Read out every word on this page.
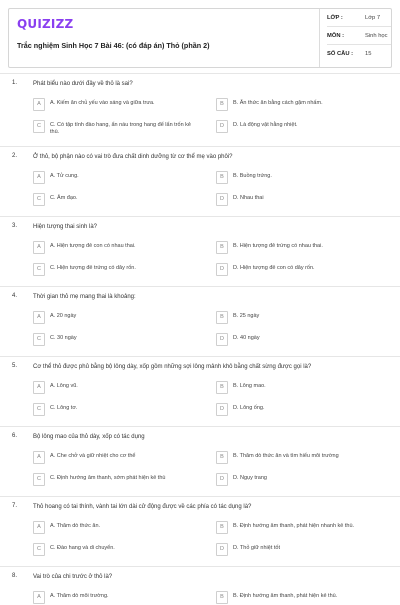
QUIZIZZ
Trắc nghiệm Sinh Học 7 Bài 46: (có đáp án) Thỏ (phần 2)
LỚP :	Lớp 7
MÔN :	Sinh học
SỐ CÂU : 15
1.	Phát biểu nào dưới đây về thỏ là sai?
A	A. Kiếm ăn chủ yếu vào sáng và giữa trưa.	B	B. Ăn thức ăn bằng cách gặm nhấm.
C	C. Có tập tính đào hang, ẩn náu trong hang để lẩn trốn kẻ thù.
D	D. Là động vật hằng nhiệt.
2.	Ở thỏ, bộ phận nào có vai trò đưa chất dinh dưỡng từ cơ thể mẹ vào phôi?
A	A. Tử cung.	B	B. Buồng trứng.
C	C. Âm đạo.	D	D. Nhau thai
3.	Hiện tượng thai sinh là?
A	A. Hiện tượng đẻ con có nhau thai.	B	B. Hiện tượng đẻ trứng có nhau thai.
C	C. Hiện tượng đẻ trứng có dây rốn.	D	D. Hiện tượng đẻ con có dây rốn.
4.	Thời gian thỏ mẹ mang thai là khoảng:
A	A. 20 ngày	B	B. 25 ngày
C	C. 30 ngày	D	D. 40 ngày
5.	Cơ thể thỏ được phủ bằng bộ lông dày, xốp gồm những sợi lông mảnh khô bằng chất sừng được gọi là?
A	A. Lông vũ.	B	B. Lông mao.
C	C. Lông tơ.	D	D. Lông ống.
6.	Bộ lông mao của thỏ dày, xốp có tác dụng
A	A. Che chở và giữ nhiệt cho cơ thể	B	B. Thăm dò thức ăn và tìm hiểu môi trường
C	C. Định hướng âm thanh, sớm phát hiện kẻ thù	D	D. Ngụy trang
7.	Thỏ hoang có tai thính, vành tai lớn dài cử động được về các phía có tác dụng là?
A	A. Thăm dò thức ăn.	B	B. Định hướng âm thanh, phát hiện nhanh kẻ thù.
C	C. Đào hang và di chuyển.	D	D. Thỏ giữ nhiệt tốt
8.	Vai trò của chi trước ở thỏ là?
A	A. Thăm dò môi trường.	B	B. Định hướng âm thanh, phát hiện kẻ thù.
